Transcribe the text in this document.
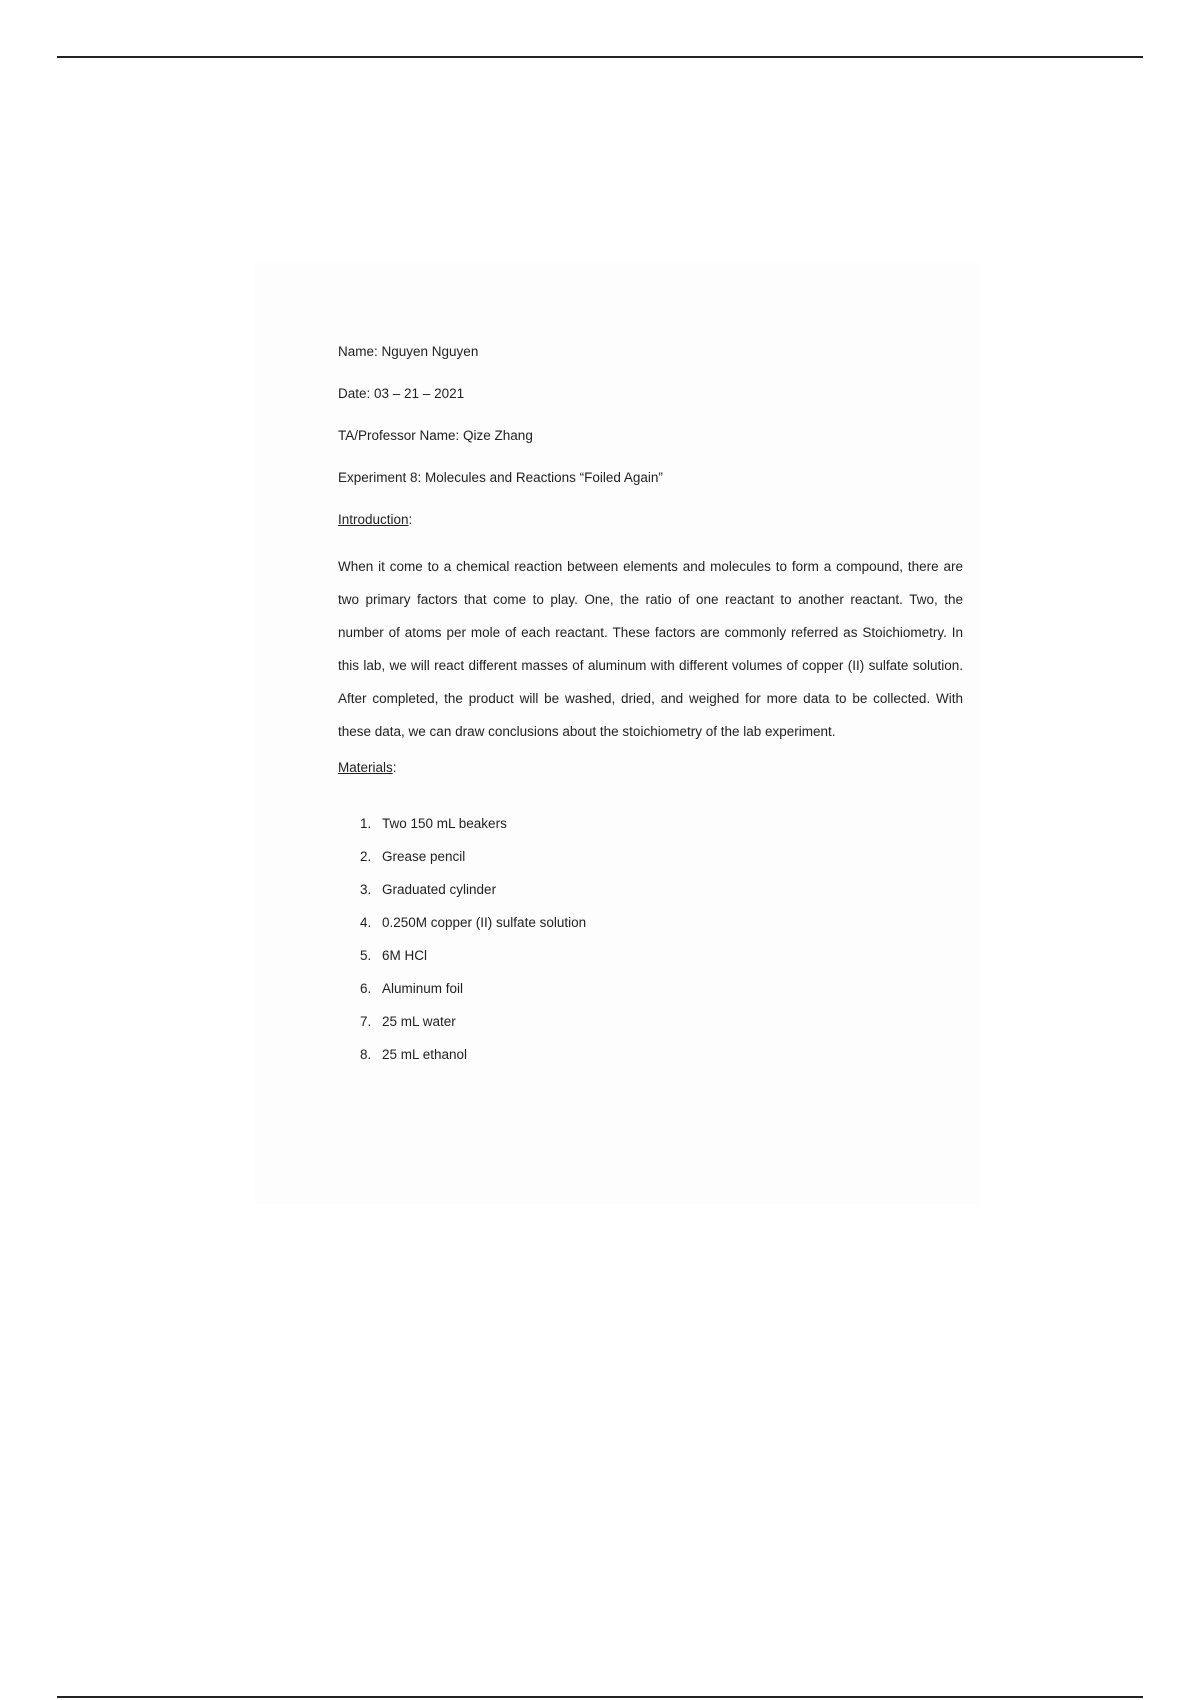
Name: Nguyen Nguyen
Date: 03 – 21 – 2021
TA/Professor Name: Qize Zhang
Experiment 8: Molecules and Reactions “Foiled Again”
Introduction:
When it come to a chemical reaction between elements and molecules to form a compound, there are two primary factors that come to play. One, the ratio of one reactant to another reactant. Two, the number of atoms per mole of each reactant. These factors are commonly referred as Stoichiometry. In this lab, we will react different masses of aluminum with different volumes of copper (II) sulfate solution. After completed, the product will be washed, dried, and weighed for more data to be collected. With these data, we can draw conclusions about the stoichiometry of the lab experiment.
Materials:
1. Two 150 mL beakers
2. Grease pencil
3. Graduated cylinder
4. 0.250M copper (II) sulfate solution
5. 6M HCl
6. Aluminum foil
7. 25 mL water
8. 25 mL ethanol
